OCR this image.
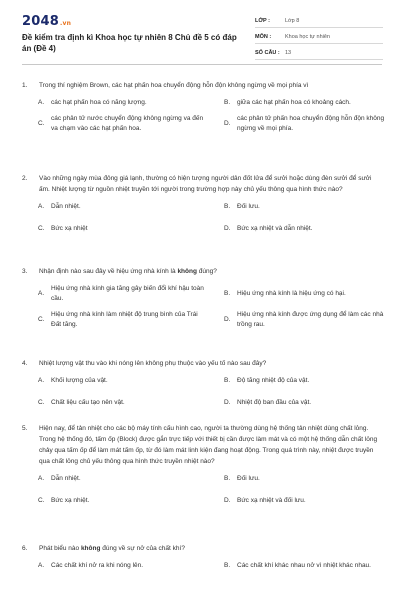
2048.vn
Đề kiểm tra định kì Khoa học tự nhiên 8 Chủ đề 5 có đáp án (Đề 4)
LỚP :	Lớp 8
MÔN :	Khoa học tự nhiên
SỐ CÂU : 13
1. Trong thí nghiệm Brown, các hạt phấn hoa chuyển động hỗn độn không ngừng về mọi phía vì
A.	các hạt phấn hoa có năng lượng.	B.	giữa các hạt phấn hoa có khoảng cách.
C.
các phân tử nước chuyển động không ngừng va đến va chạm vào các hạt phấn hoa.
D.
các phân tử phấn hoa chuyển động hỗn độn không ngừng về mọi phía.
2. Vào những ngày mùa đông giá lạnh, thường có hiện tượng người dân đốt lửa để sưởi hoặc dùng đèn sưởi để sưởi ấm. Nhiệt lượng từ nguồn nhiệt truyền tới người trong trường hợp này chủ yếu thông qua hình thức nào?
A.	Dẫn nhiệt.	B.	Đối lưu.
C.	Bức xạ nhiệt	D.	Bức xạ nhiệt và dẫn nhiệt.
3. Nhận định nào sau đây về hiệu ứng nhà kính là không đúng?
A.
Hiệu ứng nhà kính gia tăng gây biến đổi khí hậu toàn cầu.
B.	Hiệu ứng nhà kính là hiệu ứng có hại.
C.
Hiệu ứng nhà kính làm nhiệt độ trung bình của Trái Đất tăng.
D.
Hiệu ứng nhà kính được ứng dụng để làm các nhà trồng rau.
4. Nhiệt lượng vật thu vào khi nóng lên không phụ thuộc vào yếu tố nào sau đây?
A.	Khối lượng của vật.	B.	Độ tăng nhiệt độ của vật.
C.	Chất liệu cấu tạo nên vật.	D.	Nhiệt độ ban đầu của vật.
5. Hiện nay, để tản nhiệt cho các bộ máy tính cấu hình cao, người ta thường dùng hệ thống tản nhiệt dùng chất lỏng. Trong hệ thống đó, tấm ốp (Block) được gắn trực tiếp với thiết bị cần được làm mát và có một hệ thống dẫn chất lỏng chảy qua tấm ốp để làm mát tấm ốp, từ đó làm mát linh kiện đang hoạt động. Trong quá trình này, nhiệt được truyền qua chất lỏng chủ yếu thông qua hình thức truyền nhiệt nào?
A.	Dẫn nhiệt.	B.	Đối lưu.
C.	Bức xạ nhiệt.	D.	Bức xạ nhiệt và đối lưu.
6. Phát biểu nào không đúng về sự nở của chất khí?
A.	Các chất khí nở ra khi nóng lên.	B.	Các chất khí khác nhau nở vì nhiệt khác nhau.
